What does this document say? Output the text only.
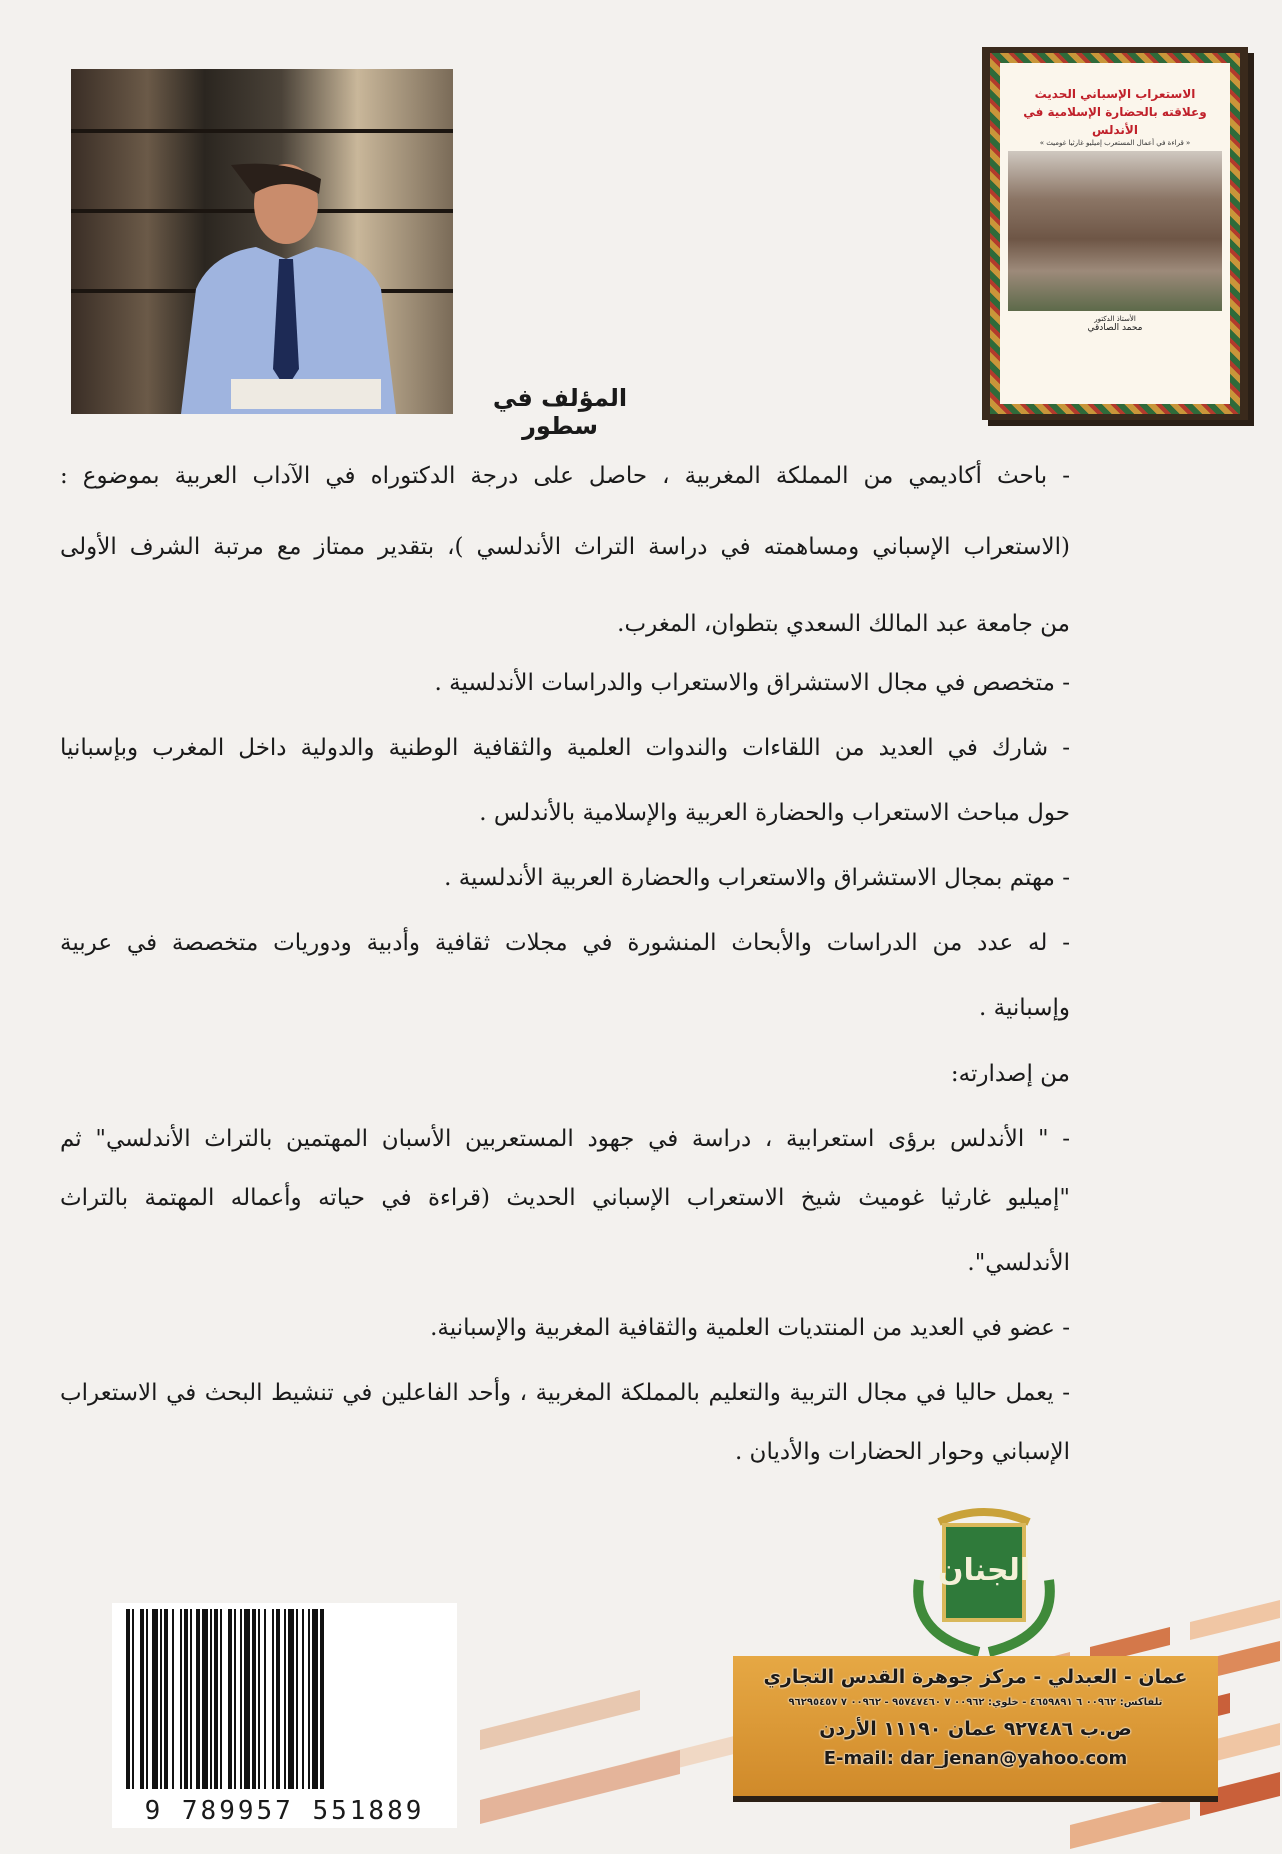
الاستعراب الإسباني الحديث
وعلاقته بالحضارة الإسلامية في الأندلس
« قراءة في أعمال المستعرب إميليو غارثيا غوميث »
الأستاذ الدكتور
محمد الصادقي
المؤلف في سطور
- باحث أكاديمي من المملكة المغربية ، حاصل على درجة الدكتوراه في الآداب العربية بموضوع :
(الاستعراب الإسباني ومساهمته في دراسة التراث الأندلسي )، بتقدير ممتاز مع مرتبة الشرف الأولى
من جامعة عبد المالك السعدي بتطوان، المغرب.
- متخصص في مجال الاستشراق والاستعراب والدراسات الأندلسية .
- شارك في العديد من اللقاءات والندوات العلمية والثقافية الوطنية والدولية داخل المغرب وبإسبانيا
حول مباحث الاستعراب والحضارة العربية والإسلامية بالأندلس .
- مهتم بمجال الاستشراق والاستعراب والحضارة العربية الأندلسية .
- له عدد من الدراسات والأبحاث المنشورة في مجلات ثقافية وأدبية ودوريات متخصصة في عربية
وإسبانية .
من إصدارته:
- " الأندلس برؤى استعرابية ، دراسة في جهود المستعربين الأسبان المهتمين بالتراث الأندلسي" ثم
"إميليو غارثيا غوميث شيخ الاستعراب الإسباني الحديث (قراءة في حياته وأعماله المهتمة بالتراث
الأندلسي".
- عضو في العديد من المنتديات العلمية والثقافية المغربية والإسبانية.
- يعمل حاليا في مجال التربية والتعليم بالمملكة المغربية ، وأحد الفاعلين في تنشيط البحث في الاستعراب
الإسباني وحوار الحضارات والأديان .
الجنان
عمان - العبدلي - مركز جوهرة القدس التجاري
تلفاكس: ٠٠٩٦٢ ٦ ٤٦٥٩٨٩١ - خلوي: ٠٠٩٦٢ ٧ ٩٥٧٤٧٤٦٠ - ٠٠٩٦٢ ٧ ٩٦٢٩٥٤٥٧
ص.ب ٩٢٧٤٨٦ عمان ١١١٩٠ الأردن
E-mail: dar_jenan@yahoo.com
9 789957 551889
